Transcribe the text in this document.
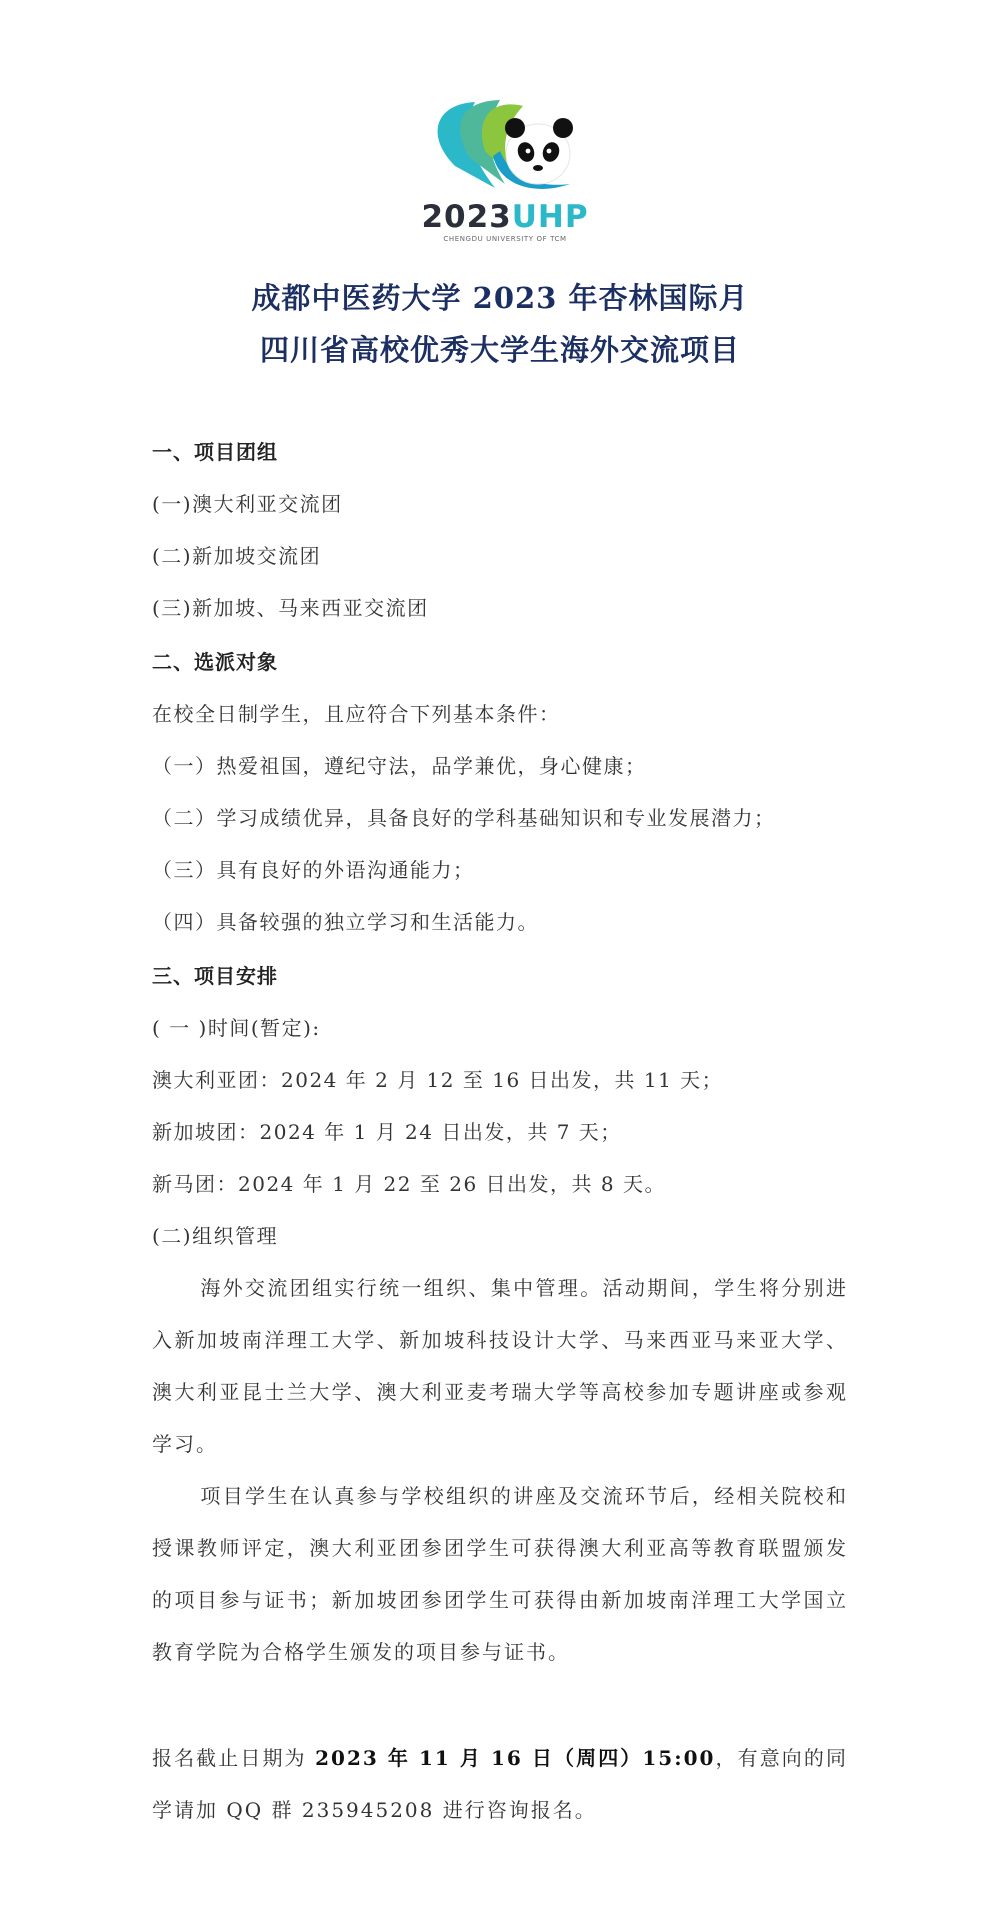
2023UHP
CHENGDU UNIVERSITY OF TCM
成都中医药大学 2023 年杏林国际月
四川省高校优秀大学生海外交流项目
一、项目团组
(一)澳大利亚交流团
(二)新加坡交流团
(三)新加坡、马来西亚交流团
二、选派对象
在校全日制学生，且应符合下列基本条件：
（一）热爱祖国，遵纪守法，品学兼优，身心健康；
（二）学习成绩优异，具备良好的学科基础知识和专业发展潜力；
（三）具有良好的外语沟通能力；
（四）具备较强的独立学习和生活能力。
三、项目安排
( 一 )时间(暂定):
澳大利亚团：2024 年 2 月 12 至 16 日出发，共 11 天；
新加坡团：2024 年 1 月 24 日出发，共 7 天；
新马团：2024 年 1 月 22 至 26 日出发，共 8 天。
(二)组织管理
海外交流团组实行统一组织、集中管理。活动期间，学生将分别进入新加坡南洋理工大学、新加坡科技设计大学、马来西亚马来亚大学、澳大利亚昆士兰大学、澳大利亚麦考瑞大学等高校参加专题讲座或参观学习。
项目学生在认真参与学校组织的讲座及交流环节后，经相关院校和授课教师评定，澳大利亚团参团学生可获得澳大利亚高等教育联盟颁发的项目参与证书；新加坡团参团学生可获得由新加坡南洋理工大学国立教育学院为合格学生颁发的项目参与证书。
报名截止日期为 2023 年 11 月 16 日（周四）15:00，有意向的同学请加 QQ 群 235945208 进行咨询报名。
